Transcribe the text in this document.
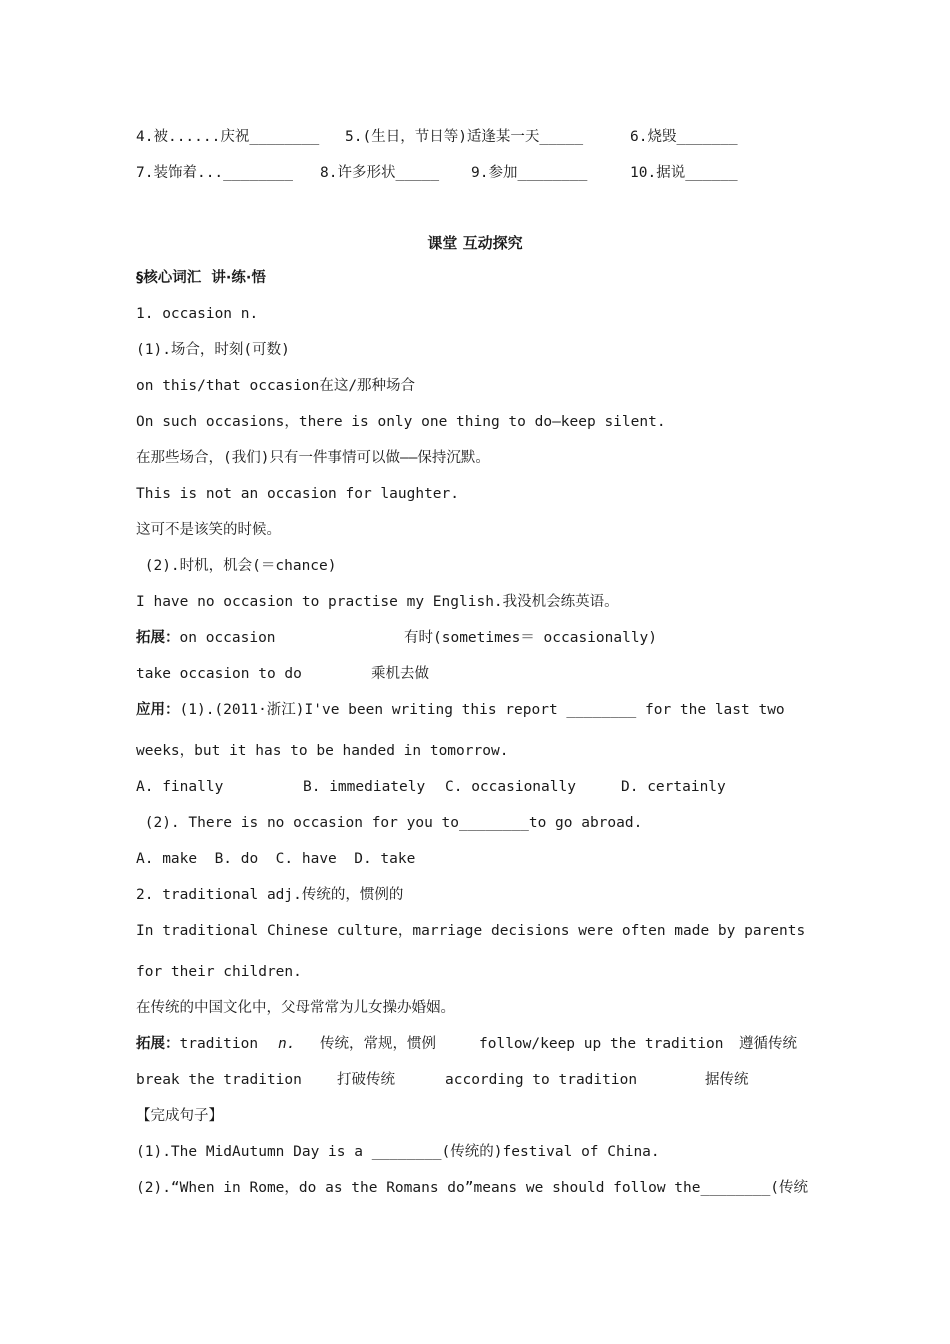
4.被......庆祝________ 5.(生日，节日等)适逢某一天_____	6.烧毁_______
7.装饰着...________ 8.许多形状_____ 9.参加________	10.据说______
课堂 互动探究
§核心词汇  讲·练·悟
1. occasion n.
(1).场合，时刻(可数)
on this/that occasion在这/那种场合
On such occasions，there is only one thing to do—keep silent.
在那些场合，(我们)只有一件事情可以做——保持沉默。
This is not an occasion for laughter.
这可不是该笑的时候。
(2).时机，机会(＝chance)
I have no occasion to practise my English.我没机会练英语。
拓展：on occasion	有时(sometimes＝ occasionally)
take occasion to do	乘机去做
应用：(1).(2011·浙江)I've been writing this report ________ for the last two
weeks，but it has to be handed in tomorrow.
A. finally	B. immediately C. occasionally	D. certainly
(2). There is no occasion for you to________to go abroad.
A. make  B. do  C. have  D. take
2. traditional adj.传统的，惯例的
In traditional Chinese culture，marriage decisions were often made by parents
for their children.
在传统的中国文化中，父母常常为儿女操办婚姻。
拓展：tradition n. 传统，常规，惯例	follow/keep up the tradition 遵循传统
break the tradition 打破传统	according to tradition	据传统
【完成句子】
(1).The MidAutumn Day is a ________(传统的)festival of China.
(2).“When in Rome，do as the Romans do”means we should follow the________(传统
